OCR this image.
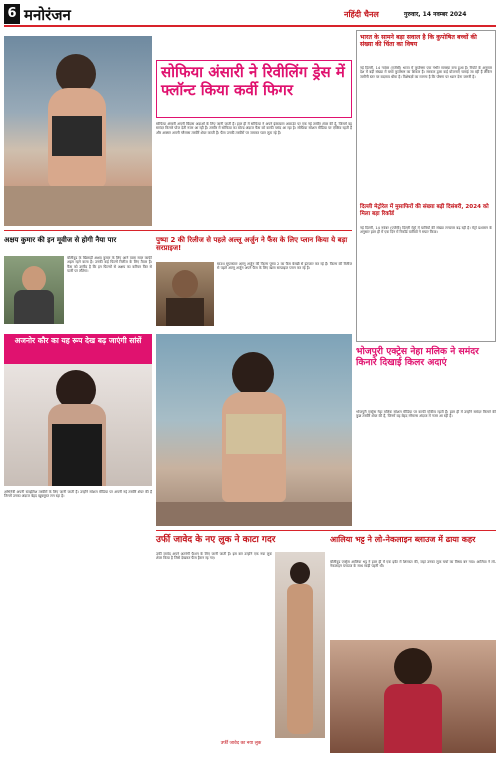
6 मनोरंजन	नहिंदी चैनल	गुरुवार, 14 नवम्बर 2024
सोफिया अंसारी ने रिवीलिंग ड्रेस में फ्लॉन्ट किया कर्वी फिगर
सोफिया अंसारी अपनी बिंदास अदाओं के लिए जानी जाती हैं। हाल ही में सोफिया ने अपने इंस्टाग्राम अकाउंट पर एक नई तस्वीर शेयर की है, जिसमें वह समंदर किनारे पोज देती नजर आ रही हैं। तस्वीर में सोफिया का बोल्ड अंदाज फैंस को काफी पसंद आ रहा है। सोफिया सोशल मीडिया पर एक्टिव रहती हैं और अक्सर अपनी ग्लैमरस तस्वीरें शेयर करती हैं। फैंस उनकी तस्वीरों पर जमकर प्यार लुटा रहे हैं।
भारत के सामने बड़ा सवाल है कि कुपोषित बच्चों की संख्या की चिंता का विषय
नई दिल्ली, 14 नवंबर (एजेंसी) भारत में कुपोषण एक गंभीर समस्या बना हुआ है। रिपोर्ट के अनुसार देश में बड़ी संख्या में बच्चे कुपोषण का शिकार हैं। सरकार द्वारा कई योजनाएं चलाई जा रही हैं लेकिन जमीनी स्तर पर बदलाव धीमा है। विशेषज्ञों का मानना है कि पोषण पर ध्यान देना जरूरी है।
दिल्ली मेट्रोरेल में मुसाफिरों की संख्या बढ़ी दिसंबरी, 2024 को मिला बड़ा रिकॉर्ड
नई दिल्ली, 14 नवंबर (एजेंसी) दिल्ली मेट्रो में यात्रियों की संख्या लगातार बढ़ रही है। मेट्रो प्रशासन के अनुसार हाल ही में एक दिन में रिकॉर्ड यात्रियों ने सफर किया।
अक्षय कुमार की इन मूवीज से होगी नैया पार
बॉलीवुड के खिलाड़ी अक्षय कुमार के लिए आने वाला साल काफी अहम रहने वाला है। उनकी कई फिल्में रिलीज के लिए तैयार हैं। फैंस को उम्मीद है कि इन फिल्मों से अक्षय का करियर फिर से पटरी पर लौटेगा।
पुष्पा 2 की रिलीज से पहले अल्लू अर्जुन ने फैंस के लिए प्लान किया ये बड़ा सरप्राइज!
साउथ सुपरस्टार अल्लू अर्जुन की फिल्म पुष्पा 2 का फैंस बेसब्री से इंतजार कर रहे हैं। फिल्म की रिलीज से पहले अल्लू अर्जुन अपने फैंस के लिए खास सरप्राइज प्लान कर रहे हैं।
अजनोर कौर का यह रूप देख बढ़ जाएंगी सांसें
अभिनेत्री अपनी स्टाइलिश तस्वीरों के लिए जानी जाती हैं। उन्होंने सोशल मीडिया पर अपनी नई तस्वीरें शेयर की हैं जिनमें उनका अंदाज बेहद खूबसूरत लग रहा है।
भोजपुरी एक्ट्रेस नेहा मलिक ने समंदर किनारे दिखाई किलर अदाएं
भोजपुरी एक्ट्रेस नेहा मलिक सोशल मीडिया पर काफी एक्टिव रहती हैं। हाल ही में उन्होंने समंदर किनारे की कुछ तस्वीरें शेयर की हैं, जिनमें वह बेहद ग्लैमरस अंदाज में नजर आ रही हैं।
उर्फी जावेद के नए लुक ने काटा गदर
उर्फी जावेद अपने अतरंगी फैशन के लिए जानी जाती हैं। इस बार उन्होंने एक नया लुक शेयर किया है जिसे देखकर फैंस हैरान रह गए।
उर्फी जावेद का नया लुक
आलिया भट्ट ने लो-नेकलाइन ब्लाउज में ढाया कहर
बॉलीवुड एक्ट्रेस आलिया भट्ट ने हाल ही में एक इवेंट में शिरकत की, जहां उनका लुक चर्चा का विषय बन गया। आलिया ने लो-नेकलाइन ब्लाउज के साथ साड़ी पहनी थी।
